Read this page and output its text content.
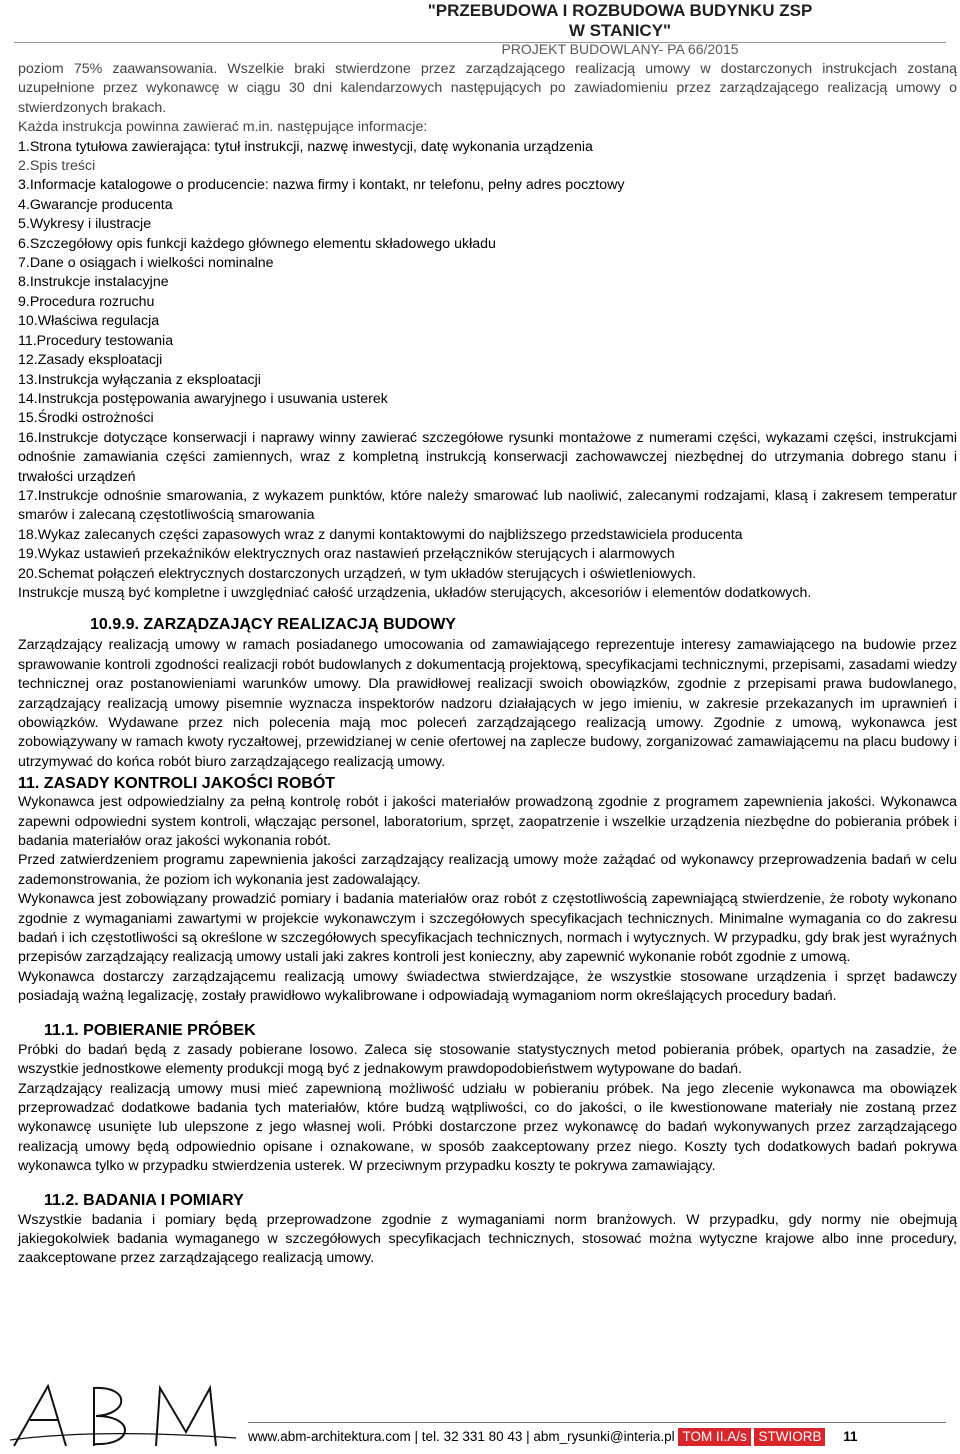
"PRZEBUDOWA I ROZBUDOWA BUDYNKU ZSP W STANICY"
PROJEKT BUDOWLANY- PA 66/2015

poziom 75% zaawansowania. Wszelkie braki stwierdzone przez zarządzającego realizacją umowy w dostarczonych instrukcjach zostaną uzupełnione przez wykonawcę w ciągu 30 dni kalendarzowych następujących po zawiadomieniu przez zarządzającego realizacją umowy o stwierdzonych brakach.

Każda instrukcja powinna zawierać m.in. następujące informacje:

1.Strona tytułowa zawierająca: tytuł instrukcji, nazwę inwestycji, datę wykonania urządzenia

2.Spis treści

3.Informacje katalogowe o producencie: nazwa firmy i kontakt, nr telefonu, pełny adres pocztowy

4.Gwarancje producenta

5.Wykresy i ilustracje

6.Szczegółowy opis funkcji każdego głównego elementu składowego układu

7.Dane o osiągach i wielkości nominalne

8.Instrukcje instalacyjne

9.Procedura rozruchu

10.Właściwa regulacja

11.Procedury testowania

12.Zasady eksploatacji

13.Instrukcja wyłączania z eksploatacji

14.Instrukcja postępowania awaryjnego i usuwania usterek

15.Środki ostrożności

16.Instrukcje dotyczące konserwacji i naprawy winny zawierać szczegółowe rysunki montażowe z numerami części, wykazami części, instrukcjami odnośnie zamawiania części zamiennych, wraz z kompletną instrukcją konserwacji zachowawczej niezbędnej do utrzymania dobrego stanu i trwałości urządzeń

17.Instrukcje odnośnie smarowania, z wykazem punktów, które należy smarować lub naoliwić, zalecanymi rodzajami, klasą i zakresem temperatur smarów i zalecaną częstotliwością smarowania

18.Wykaz zalecanych części zapasowych wraz z danymi kontaktowymi do najbliższego przedstawiciela producenta

19.Wykaz ustawień przekaźników elektrycznych oraz nastawień przełączników sterujących i alarmowych

20.Schemat połączeń elektrycznych dostarczonych urządzeń, w tym układów sterujących i oświetleniowych.

Instrukcje muszą być kompletne i uwzględniać całość urządzenia, układów sterujących, akcesoriów i elementów dodatkowych.

10.9.9. ZARZĄDZAJĄCY REALIZACJĄ BUDOWY

Zarządzający realizacją umowy w ramach posiadanego umocowania od zamawiającego reprezentuje interesy zamawiającego na budowie przez sprawowanie kontroli zgodności realizacji robót budowlanych z dokumentacją projektową, specyfikacjami technicznymi, przepisami, zasadami wiedzy technicznej oraz postanowieniami warunków umowy. Dla prawidłowej realizacji swoich obowiązków, zgodnie z przepisami prawa budowlanego, zarządzający realizacją umowy pisemnie wyznacza inspektorów nadzoru działających w jego imieniu, w zakresie przekazanych im uprawnień i obowiązków. Wydawane przez nich polecenia mają moc poleceń zarządzającego realizacją umowy. Zgodnie z umową, wykonawca jest zobowiązywany w ramach kwoty ryczałtowej, przewidzianej w cenie ofertowej na zaplecze budowy, zorganizować zamawiającemu na placu budowy i utrzymywać do końca robót biuro zarządzającego realizacją umowy.

11. ZASADY KONTROLI JAKOŚCI ROBÓT

Wykonawca jest odpowiedzialny za pełną kontrolę robót i jakości materiałów prowadzoną zgodnie z programem zapewnienia jakości. Wykonawca zapewni odpowiedni system kontroli, włączając personel, laboratorium, sprzęt, zaopatrzenie i wszelkie urządzenia niezbędne do pobierania próbek i badania materiałów oraz jakości wykonania robót.

Przed zatwierdzeniem programu zapewnienia jakości zarządzający realizacją umowy może zażądać od wykonawcy przeprowadzenia badań w celu zademonstrowania, że poziom ich wykonania jest zadowalający.

Wykonawca jest zobowiązany prowadzić pomiary i badania materiałów oraz robót z częstotliwością zapewniającą stwierdzenie, że roboty wykonano zgodnie z wymaganiami zawartymi w projekcie wykonawczym i szczegółowych specyfikacjach technicznych. Minimalne wymagania co do zakresu badań i ich częstotliwości są określone w szczegółowych specyfikacjach technicznych, normach i wytycznych. W przypadku, gdy brak jest wyraźnych przepisów zarządzający realizacją umowy ustali jaki zakres kontroli jest konieczny, aby zapewnić wykonanie robót zgodnie z umową.

Wykonawca dostarczy zarządzającemu realizacją umowy świadectwa stwierdzające, że wszystkie stosowane urządzenia i sprzęt badawczy posiadają ważną legalizację, zostały prawidłowo wykalibrowane i odpowiadają wymaganiom norm określających procedury badań.

11.1. POBIERANIE PRÓBEK

Próbki do badań będą z zasady pobierane losowo. Zaleca się stosowanie statystycznych metod pobierania próbek, opartych na zasadzie, że wszystkie jednostkowe elementy produkcji mogą być z jednakowym prawdopodobieństwem wytypowane do badań.

Zarządzający realizacją umowy musi mieć zapewnioną możliwość udziału w pobieraniu próbek. Na jego zlecenie wykonawca ma obowiązek przeprowadzać dodatkowe badania tych materiałów, które budzą wątpliwości, co do jakości, o ile kwestionowane materiały nie zostaną przez wykonawcę usunięte lub ulepszone z jego własnej woli. Próbki dostarczone przez wykonawcę do badań wykonywanych przez zarządzającego realizacją umowy będą odpowiednio opisane i oznakowane, w sposób zaakceptowany przez niego. Koszty tych dodatkowych badań pokrywa wykonawca tylko w przypadku stwierdzenia usterek. W przeciwnym przypadku koszty te pokrywa zamawiający.

11.2. BADANIA I POMIARY

Wszystkie badania i pomiary będą przeprowadzone zgodnie z wymaganiami norm branżowych. W przypadku, gdy normy nie obejmują jakiegokolwiek badania wymaganego w szczegółowych specyfikacjach technicznych, stosować można wytyczne krajowe albo inne procedury, zaakceptowane przez zarządzającego realizacją umowy.

www.abm-architektura.com | tel. 32 331 80 43 | abm_rysunki@interia.pl TOM II.A/s STWIORB 11
